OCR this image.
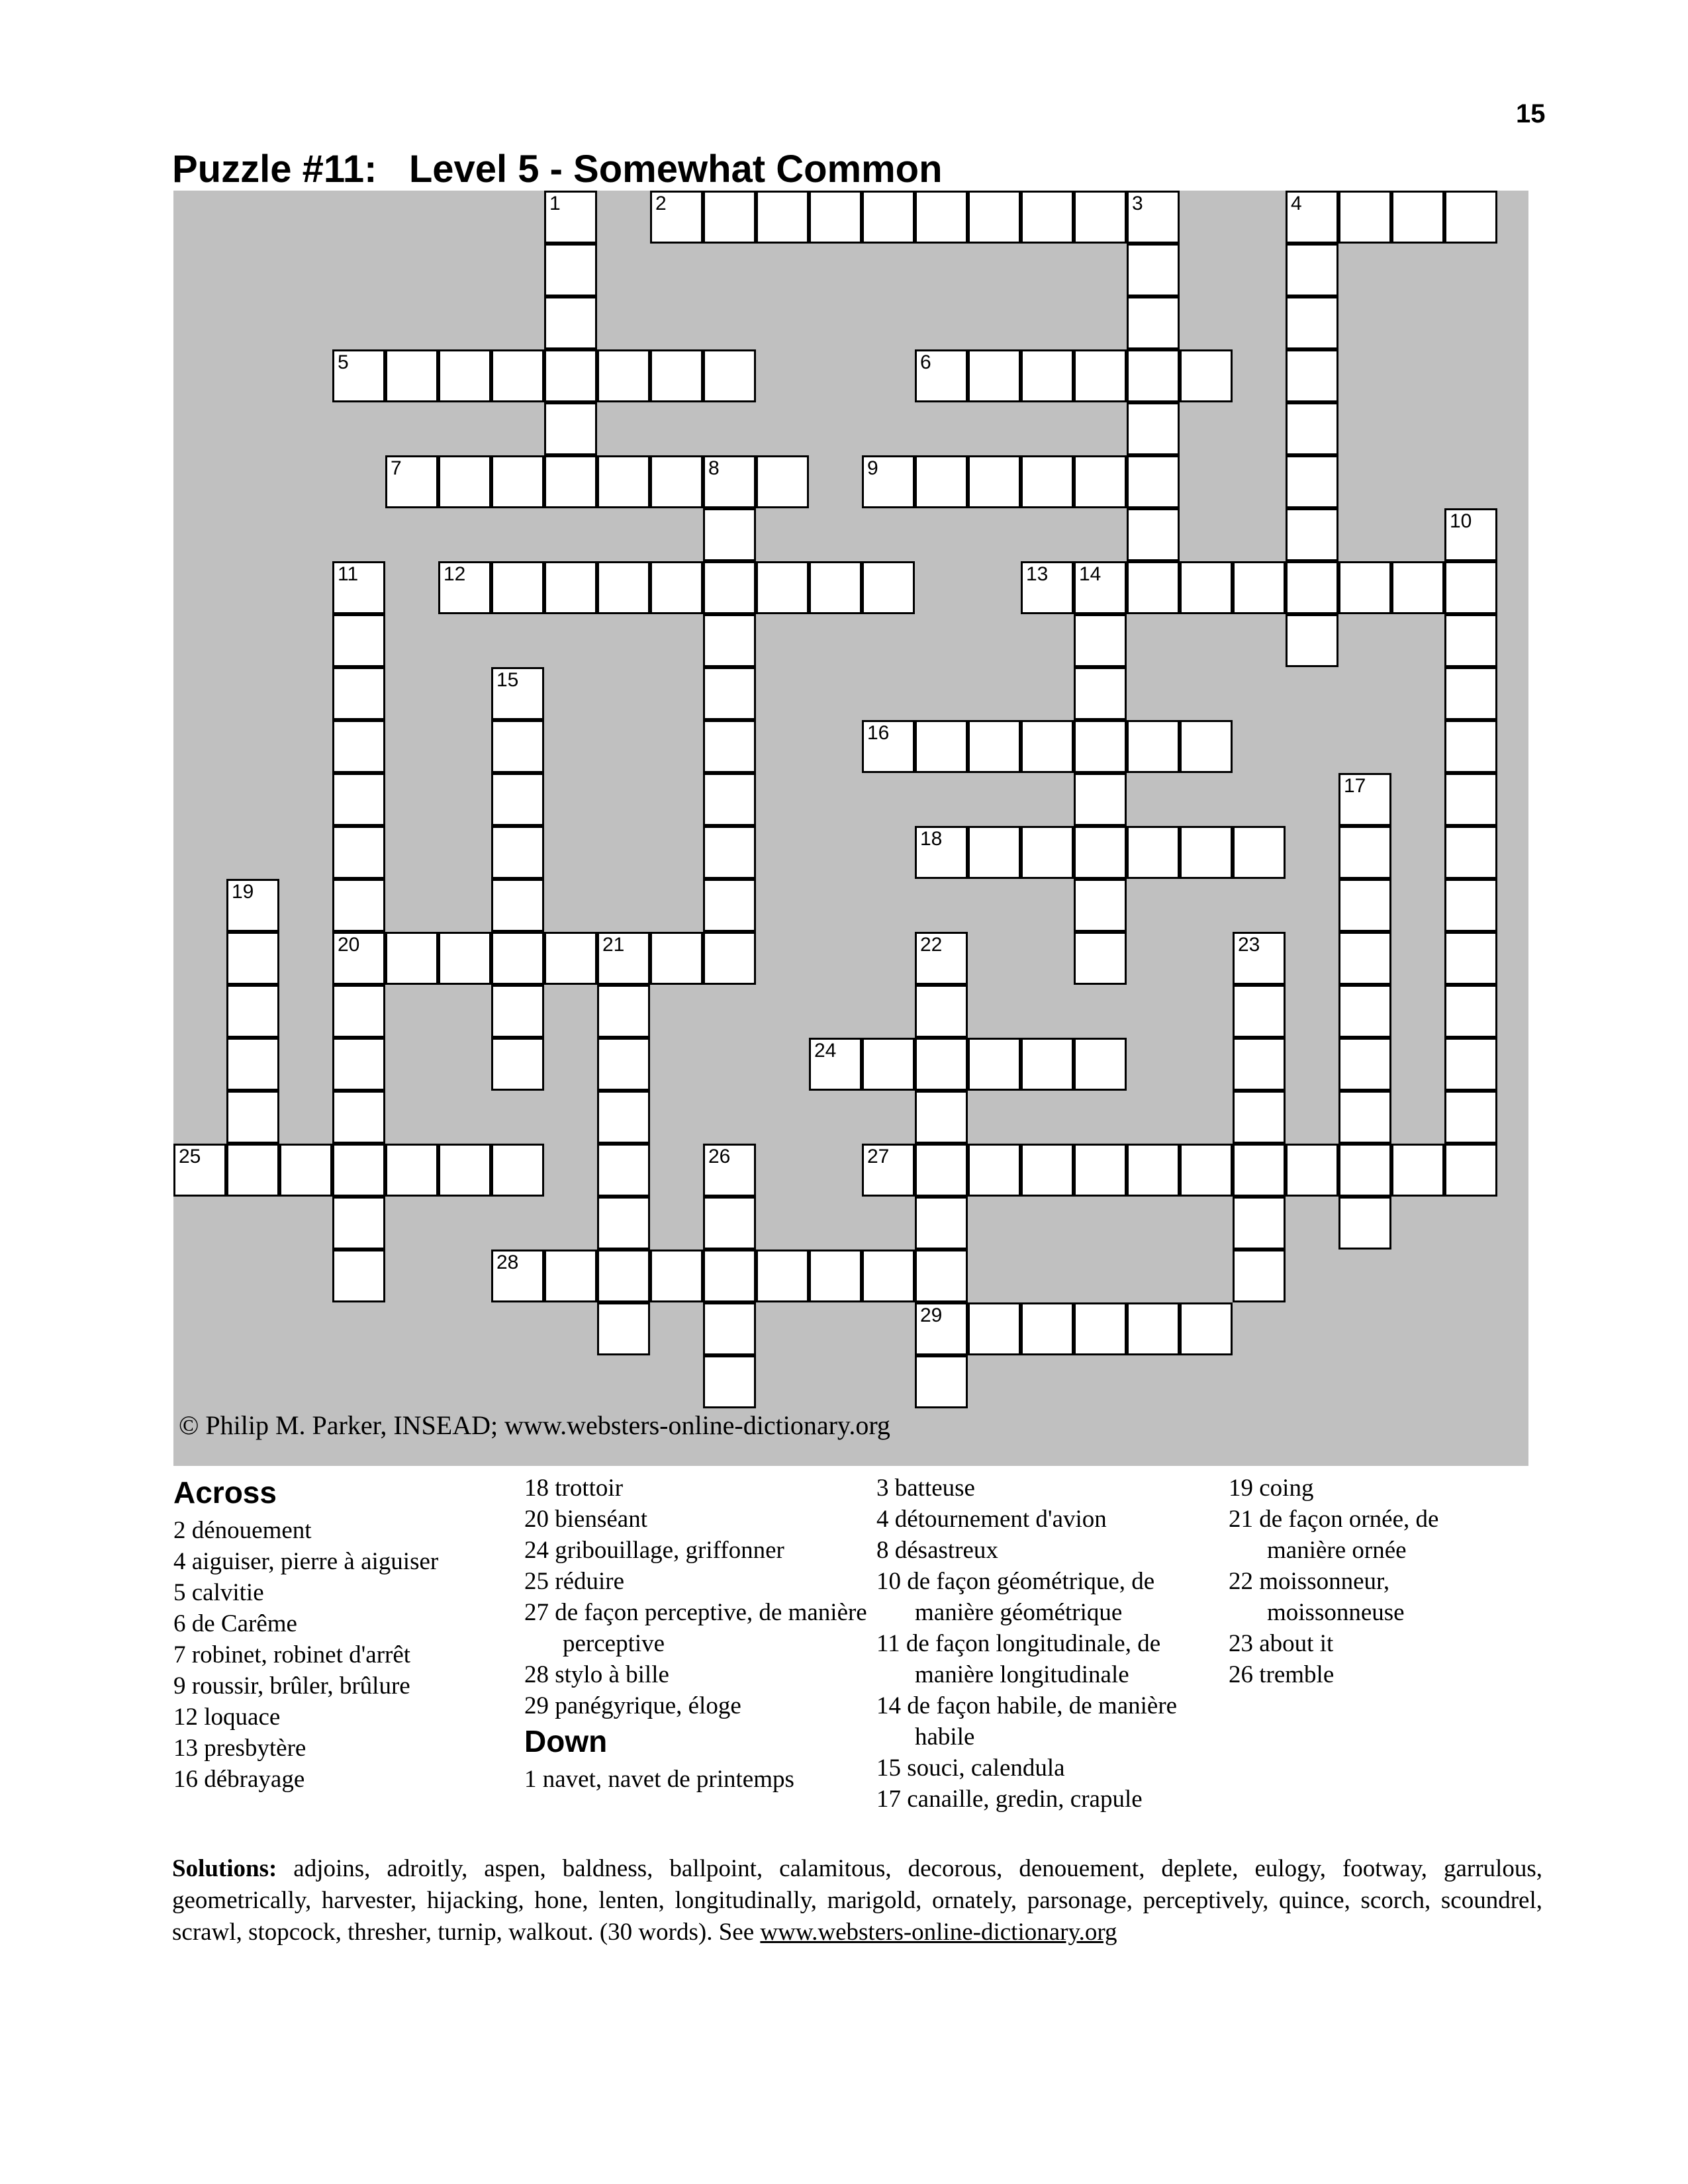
15
Puzzle #11:   Level 5 - Somewhat Common
© Philip M. Parker, INSEAD; www.websters-online-dictionary.org
2	4
5	6
7	8	9
12	13 14
16
18
20	21
24
25	27
28
29
1	3
10
11
15
17
19
22	23
26
Across
2 dénouement
4 aiguiser, pierre à aiguiser
5 calvitie
6 de Carême
7 robinet, robinet d'arrêt
9 roussir, brûler, brûlure
12 loquace
13 presbytère
16 débrayage
18 trottoir
20 bienséant
24 gribouillage, griffonner
25 réduire
27 de façon perceptive, de manière perceptive
28 stylo à bille
29 panégyrique, éloge
Down
1 navet, navet de printemps
3 batteuse
4 détournement d'avion
8 désastreux
10 de façon géométrique, de manière géométrique
11 de façon longitudinale, de manière longitudinale
14 de façon habile, de manière habile
15 souci, calendula
17 canaille, gredin, crapule
19 coing
21 de façon ornée, de manière ornée
22 moissonneur, moissonneuse
23 about it
26 tremble
Solutions: adjoins, adroitly, aspen, baldness, ballpoint, calamitous, decorous, denouement, deplete, eulogy, footway, garrulous, geometrically, harvester, hijacking, hone, lenten, longitudinally, marigold, ornately, parsonage, perceptively, quince, scorch, scoundrel, scrawl, stopcock, thresher, turnip, walkout. (30 words). See www.websters-online-dictionary.org
